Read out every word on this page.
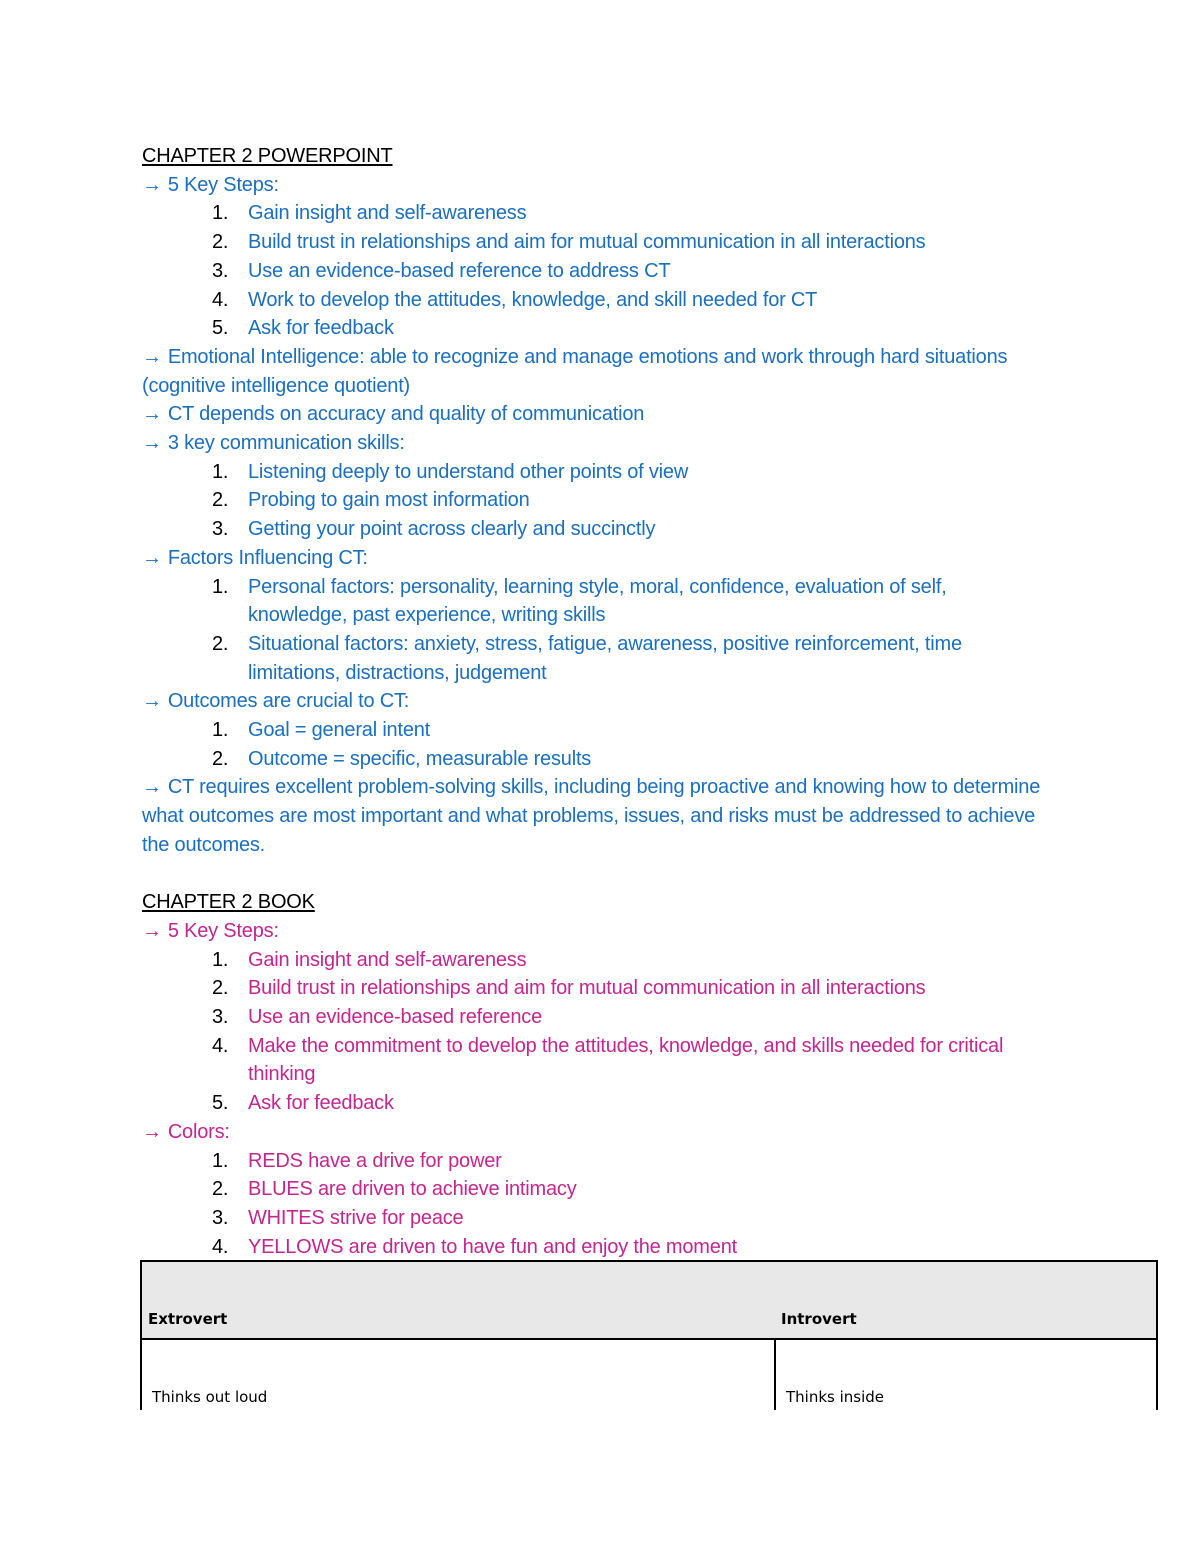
CHAPTER 2 POWERPOINT

→ 5 Key Steps:

1. Gain insight and self-awareness
2. Build trust in relationships and aim for mutual communication in all interactions
3. Use an evidence-based reference to address CT
4. Work to develop the attitudes, knowledge, and skill needed for CT
5. Ask for feedback

→ Emotional Intelligence: able to recognize and manage emotions and work through hard situations (cognitive intelligence quotient)

→ CT depends on accuracy and quality of communication

→ 3 key communication skills:

1. Listening deeply to understand other points of view
2. Probing to gain most information
3. Getting your point across clearly and succinctly

→ Factors Influencing CT:

1. Personal factors: personality, learning style, moral, confidence, evaluation of self, knowledge, past experience, writing skills
2. Situational factors: anxiety, stress, fatigue, awareness, positive reinforcement, time limitations, distractions, judgement

→ Outcomes are crucial to CT:

1. Goal = general intent
2. Outcome = specific, measurable results

→ CT requires excellent problem-solving skills, including being proactive and knowing how to determine what outcomes are most important and what problems, issues, and risks must be addressed to achieve the outcomes.

CHAPTER 2 BOOK

→ 5 Key Steps:

1. Gain insight and self-awareness
2. Build trust in relationships and aim for mutual communication in all interactions
3. Use an evidence-based reference
4. Make the commitment to develop the attitudes, knowledge, and skills needed for critical thinking
5. Ask for feedback

→ Colors:

1. REDS have a drive for power
2. BLUES are driven to achieve intimacy
3. WHITES strive for peace
4. YELLOWS are driven to have fun and enjoy the moment
Extrovert	Introvert
Thinks out loud	Thinks inside
